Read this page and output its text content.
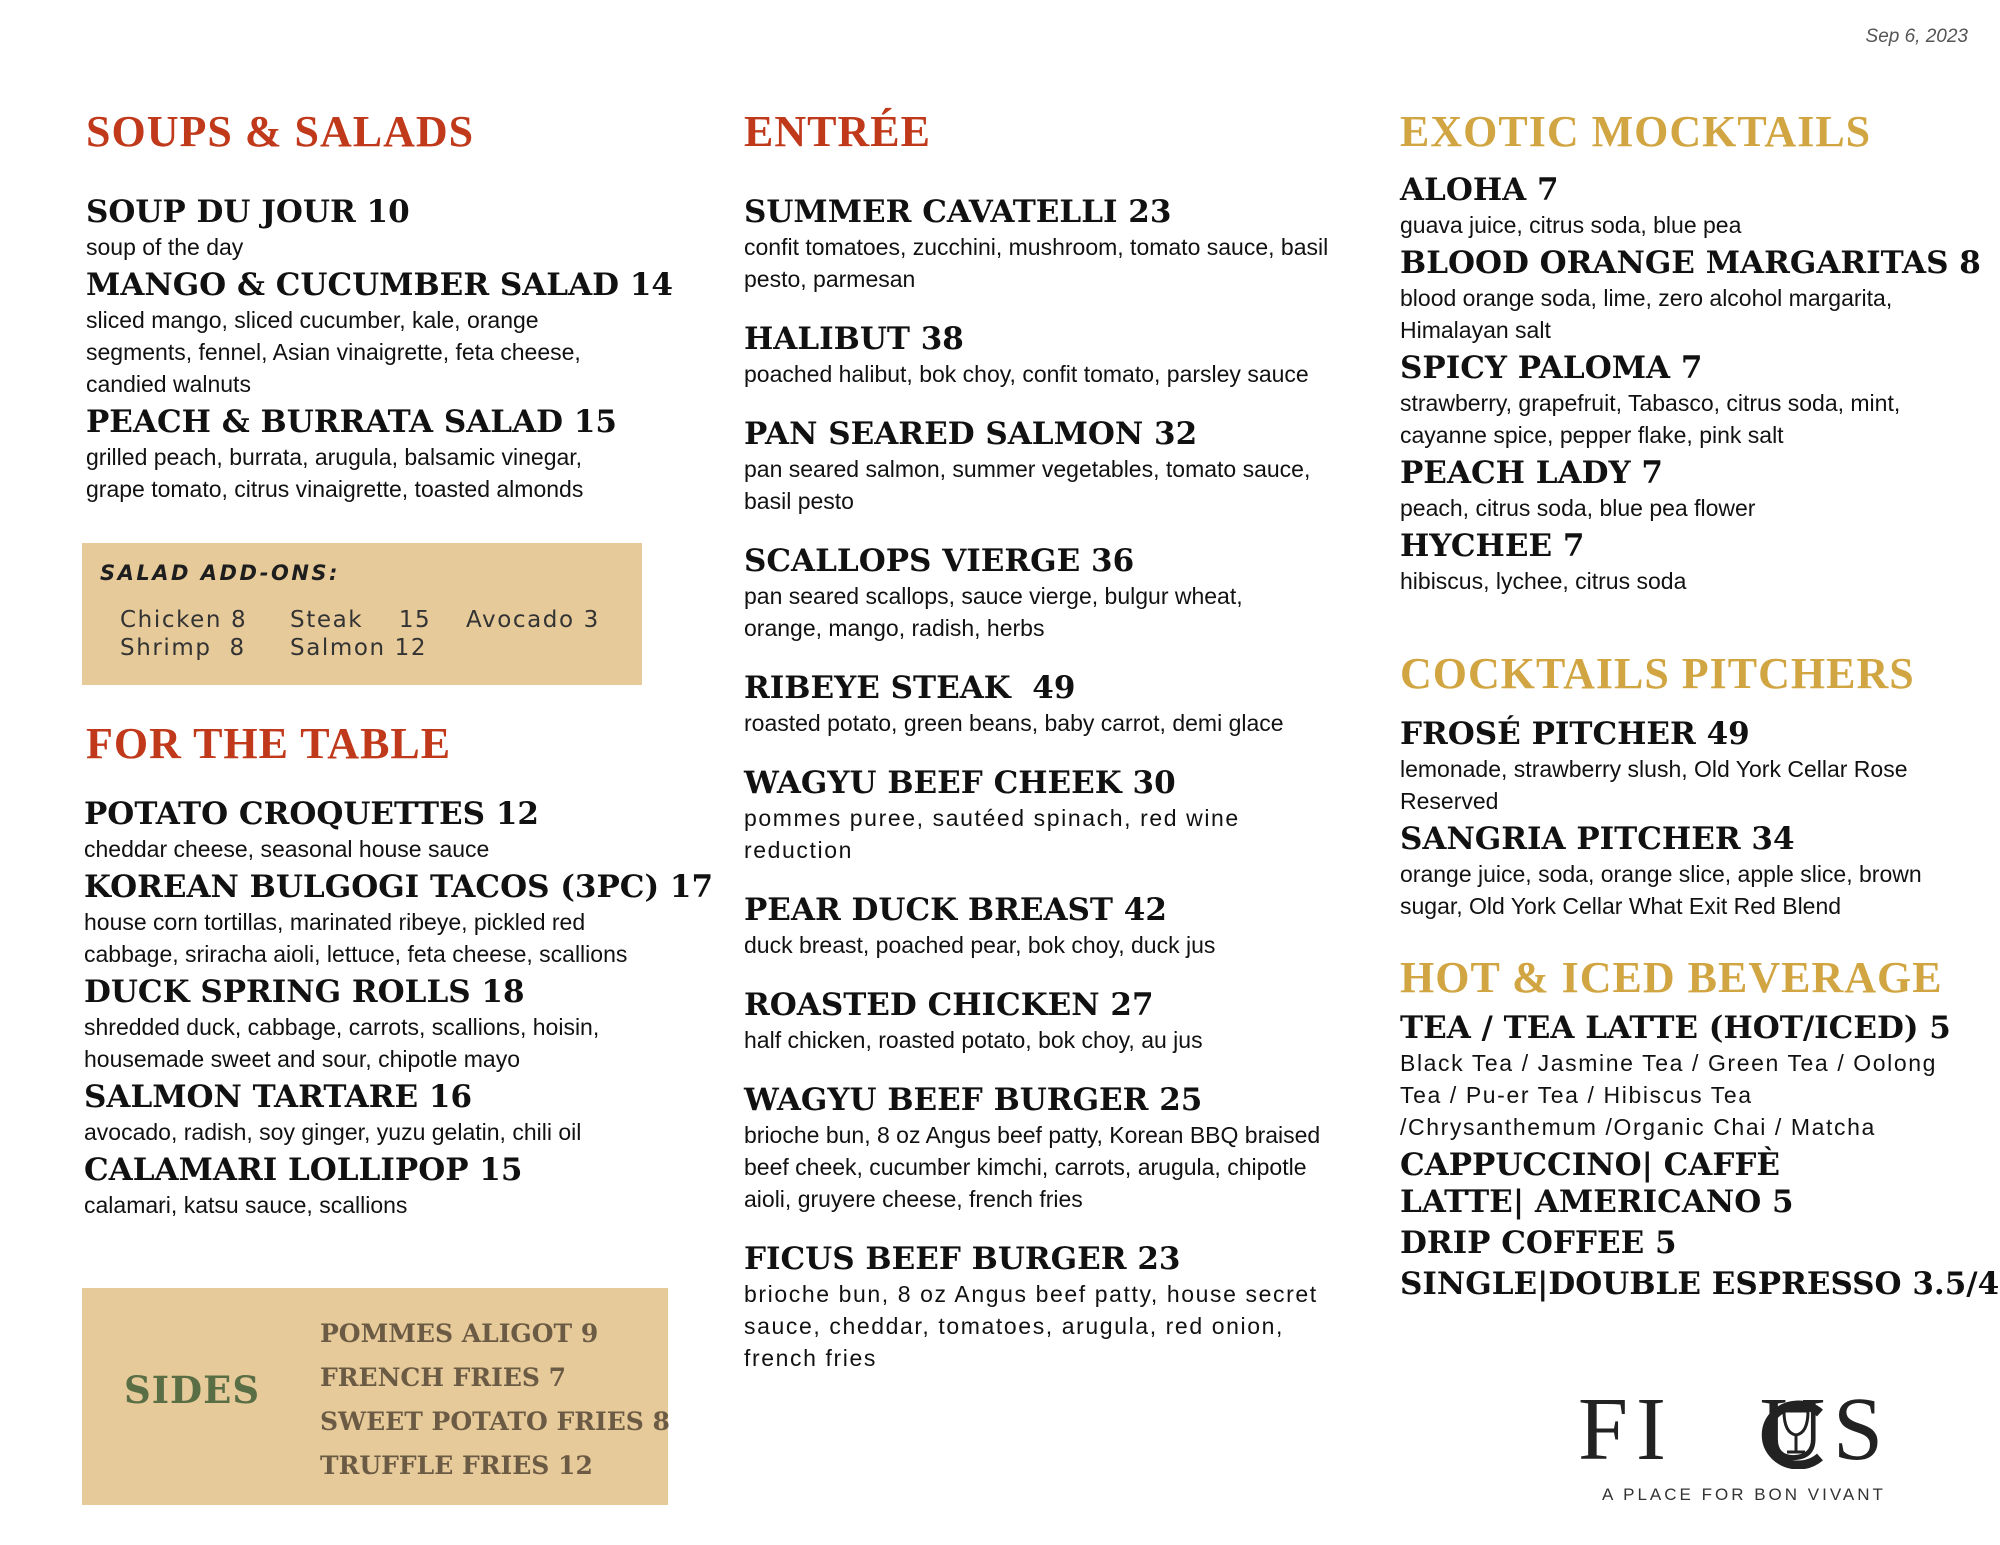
Sep 6, 2023
SOUPS & SALADS
SOUP DU JOUR 10
soup of the day
MANGO & CUCUMBER SALAD 14
sliced mango, sliced cucumber, kale, orange segments, fennel, Asian vinaigrette, feta cheese, candied walnuts
PEACH & BURRATA SALAD 15
grilled peach, burrata, arugula, balsamic vinegar, grape tomato, citrus vinaigrette, toasted almonds
FOR THE TABLE
POTATO CROQUETTES 12
cheddar cheese, seasonal house sauce
KOREAN BULGOGI TACOS (3PC) 17
house corn tortillas, marinated ribeye, pickled red cabbage, sriracha aioli, lettuce, feta cheese, scallions
DUCK SPRING ROLLS 18
shredded duck, cabbage, carrots, scallions, hoisin, housemade sweet and sour, chipotle mayo
SALMON TARTARE 16
avocado, radish, soy ginger, yuzu gelatin, chili oil
CALAMARI LOLLIPOP 15
calamari, katsu sauce, scallions
SALAD ADD-ONS:
Chicken 8	Steak    15	Avocado 3
Shrimp  8	Salmon 12
SIDES
POMMES ALIGOT 9
FRENCH FRIES 7
SWEET POTATO FRIES 8
TRUFFLE FRIES 12
ENTRÉE
SUMMER CAVATELLI 23
confit tomatoes, zucchini, mushroom, tomato sauce, basil pesto, parmesan
HALIBUT 38
poached halibut, bok choy, confit tomato, parsley sauce
PAN SEARED SALMON 32
pan seared salmon, summer vegetables, tomato sauce, basil pesto
SCALLOPS VIERGE 36
pan seared scallops, sauce vierge, bulgur wheat, orange, mango, radish, herbs
RIBEYE STEAK  49
roasted potato, green beans, baby carrot, demi glace
WAGYU BEEF CHEEK 30
pommes puree, sautéed spinach, red wine reduction
PEAR DUCK BREAST 42
duck breast, poached pear, bok choy, duck jus
ROASTED CHICKEN 27
half chicken, roasted potato, bok choy, au jus
WAGYU BEEF BURGER 25
brioche bun, 8 oz Angus beef patty, Korean BBQ braised beef cheek, cucumber kimchi, carrots, arugula, chipotle aioli, gruyere cheese, french fries
FICUS BEEF BURGER 23
brioche bun, 8 oz Angus beef patty, house secret sauce, cheddar, tomatoes, arugula, red onion, french fries
EXOTIC MOCKTAILS
ALOHA 7
guava juice, citrus soda, blue pea
BLOOD ORANGE MARGARITAS 8
blood orange soda, lime, zero alcohol margarita, Himalayan salt
SPICY PALOMA 7
strawberry, grapefruit, Tabasco, citrus soda, mint, cayanne spice, pepper flake, pink salt
PEACH LADY 7
peach, citrus soda, blue pea flower
HYCHEE 7
hibiscus, lychee, citrus soda
COCKTAILS PITCHERS
FROSÉ PITCHER 49
lemonade, strawberry slush, Old York Cellar Rose Reserved
SANGRIA PITCHER 34
orange juice, soda, orange slice, apple slice, brown sugar, Old York Cellar What Exit Red Blend
HOT & ICED BEVERAGE
TEA / TEA LATTE (HOT/ICED) 5
Black Tea / Jasmine Tea / Green Tea / Oolong Tea / Pu-er Tea / Hibiscus Tea /Chrysanthemum /Organic Chai / Matcha
CAPPUCCINO| CAFFÈ LATTE| AMERICANO 5
DRIP COFFEE 5
SINGLE|DOUBLE ESPRESSO 3.5/4
FI US
A PLACE FOR BON VIVANT
